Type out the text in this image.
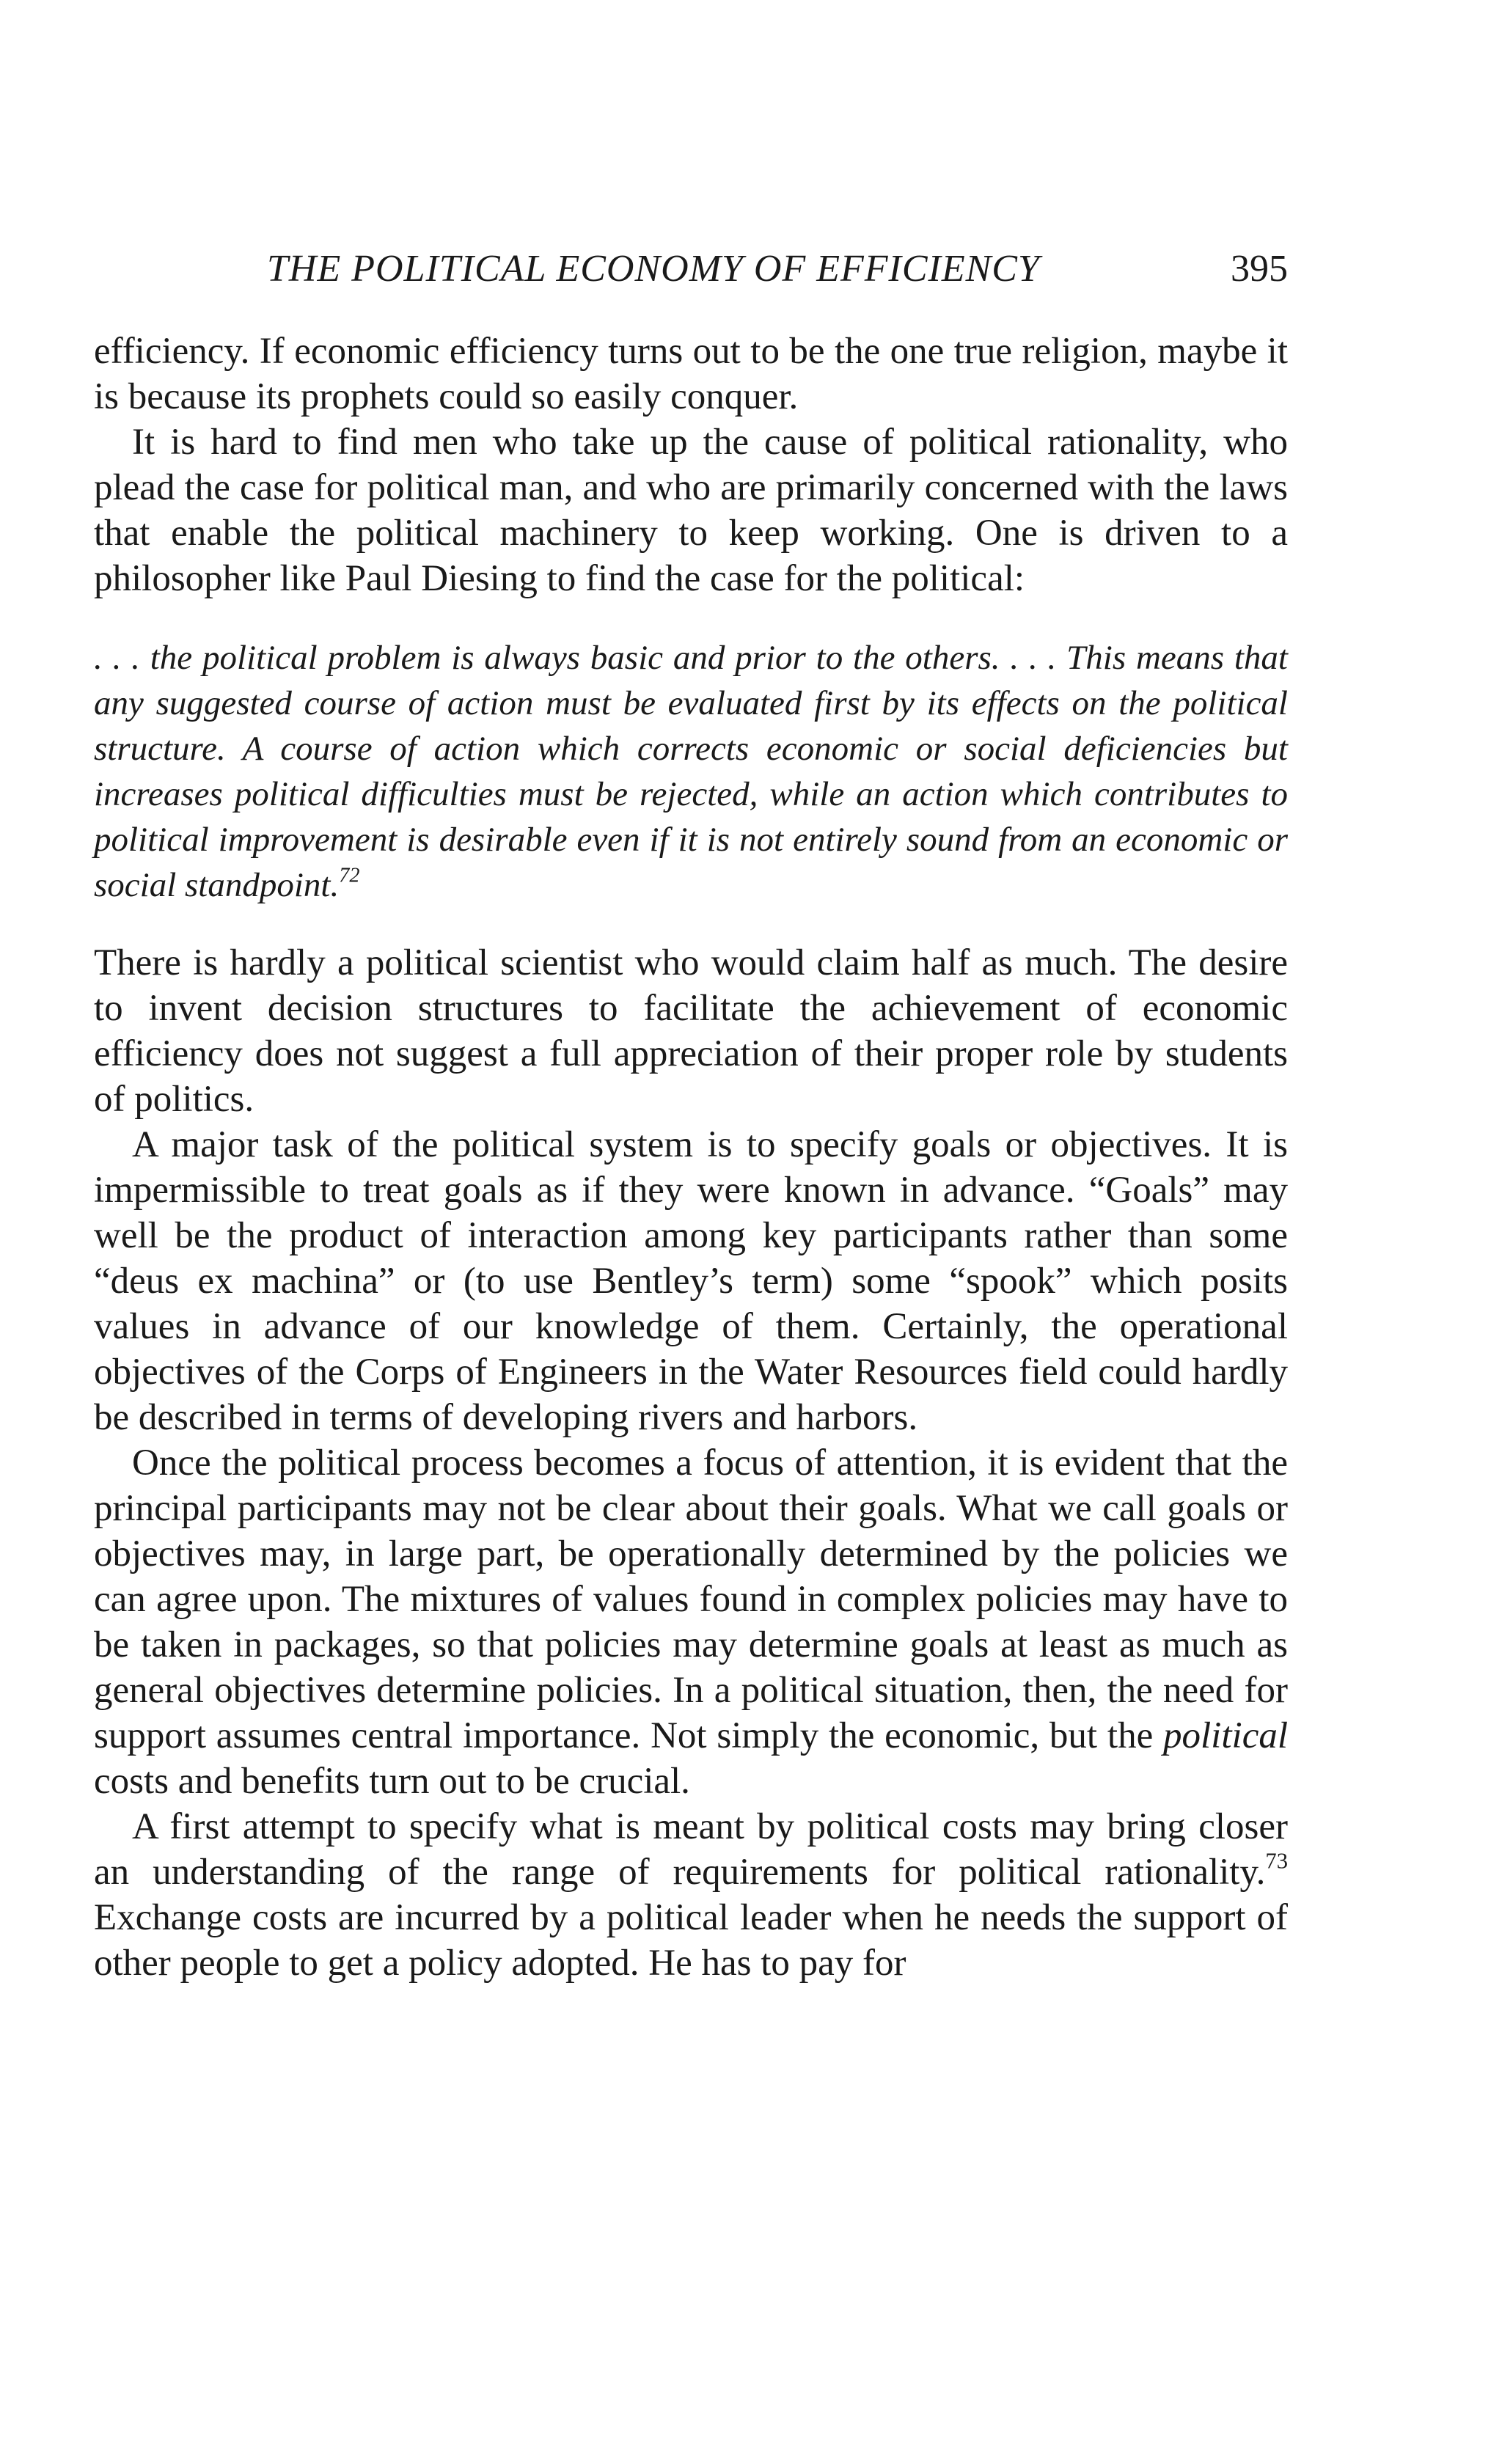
THE POLITICAL ECONOMY OF EFFICIENCY	395

efficiency. If economic efficiency turns out to be the one true religion, maybe it is because its prophets could so easily conquer.

It is hard to find men who take up the cause of political rationality, who plead the case for political man, and who are primarily concerned with the laws that enable the political machinery to keep working. One is driven to a philosopher like Paul Diesing to find the case for the political:

. . . the political problem is always basic and prior to the others. . . . This means that any suggested course of action must be evaluated first by its effects on the political structure. A course of action which corrects economic or social deficiencies but increases political difficulties must be rejected, while an action which contributes to political improvement is desirable even if it is not entirely sound from an economic or social standpoint.$^{72}$

There is hardly a political scientist who would claim half as much. The desire to invent decision structures to facilitate the achievement of economic efficiency does not suggest a full appreciation of their proper role by students of politics.

A major task of the political system is to specify goals or objectives. It is impermissible to treat goals as if they were known in advance. “Goals” may well be the product of interaction among key participants rather than some “deus ex machina” or (to use Bentley’s term) some “spook” which posits values in advance of our knowledge of them. Certainly, the operational objectives of the Corps of Engineers in the Water Resources field could hardly be described in terms of developing rivers and harbors.

Once the political process becomes a focus of attention, it is evident that the principal participants may not be clear about their goals. What we call goals or objectives may, in large part, be operationally determined by the policies we can agree upon. The mixtures of values found in complex policies may have to be taken in packages, so that policies may determine goals at least as much as general objectives determine policies. In a political situation, then, the need for support assumes central importance. Not simply the economic, but the political costs and benefits turn out to be crucial.

A first attempt to specify what is meant by political costs may bring closer an understanding of the range of requirements for political rationality.$^{73}$ Exchange costs are incurred by a political leader when he needs the support of other people to get a policy adopted. He has to pay for
